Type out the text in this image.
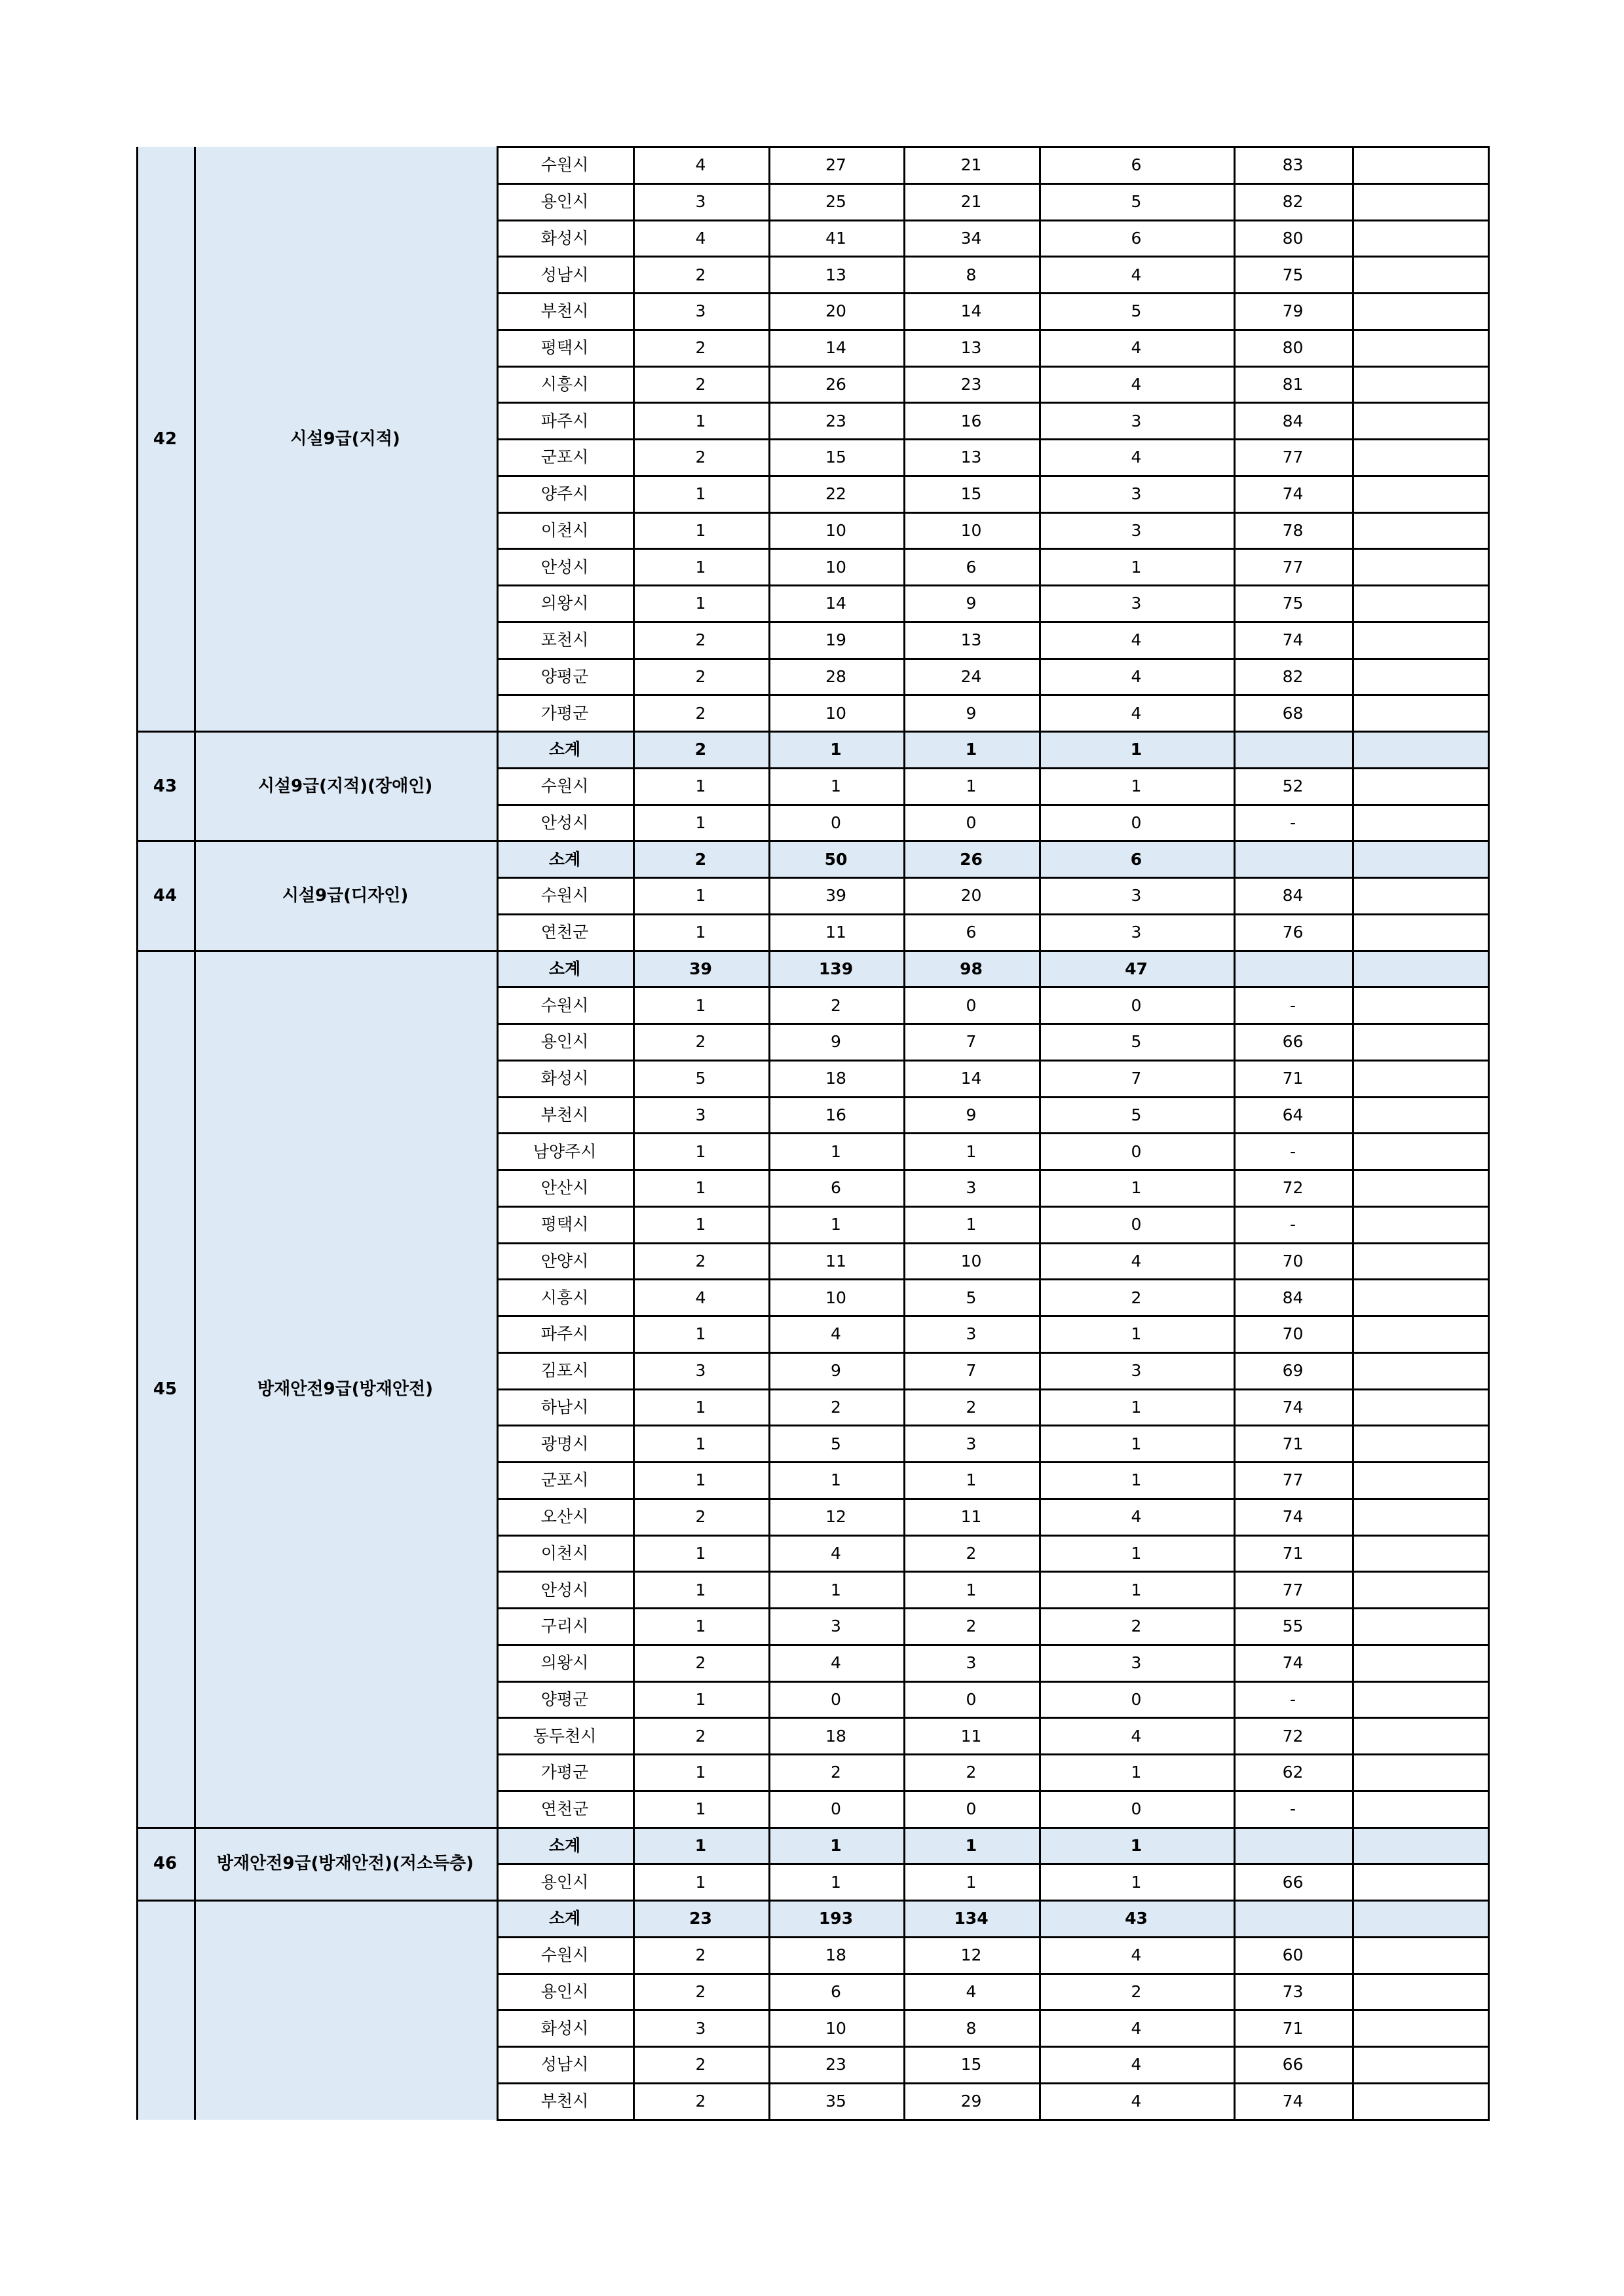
42	시설9급(지적)
수원시	4	27	21	6	83
용인시	3	25	21	5	82
화성시	4	41	34	6	80
성남시	2	13	8	4	75
부천시	3	20	14	5	79
평택시	2	14	13	4	80
시흥시	2	26	23	4	81
파주시	1	23	16	3	84
군포시	2	15	13	4	77
양주시	1	22	15	3	74
이천시	1	10	10	3	78
안성시	1	10	6	1	77
의왕시	1	14	9	3	75
포천시	2	19	13	4	74
양평군	2	28	24	4	82
가평군	2	10	9	4	68
43	시설9급(지적)(장애인)
소계	2	1	1	1
수원시	1	1	1	1	52
안성시	1	0	0	0	-
44	시설9급(디자인)
소계	2	50	26	6
수원시	1	39	20	3	84
연천군	1	11	6	3	76
45	방재안전9급(방재안전)
소계	39	139	98	47
수원시	1	2	0	0	-
용인시	2	9	7	5	66
화성시	5	18	14	7	71
부천시	3	16	9	5	64
남양주시	1	1	1	0	-
안산시	1	6	3	1	72
평택시	1	1	1	0	-
안양시	2	11	10	4	70
시흥시	4	10	5	2	84
파주시	1	4	3	1	70
김포시	3	9	7	3	69
하남시	1	2	2	1	74
광명시	1	5	3	1	71
군포시	1	1	1	1	77
오산시	2	12	11	4	74
이천시	1	4	2	1	71
안성시	1	1	1	1	77
구리시	1	3	2	2	55
의왕시	2	4	3	3	74
양평군	1	0	0	0	-
동두천시	2	18	11	4	72
가평군	1	2	2	1	62
연천군	1	0	0	0	-
46	방재안전9급(방재안전)(저소득층)
소계	1	1	1	1
용인시	1	1	1	1	66
소계	23	193	134	43
수원시	2	18	12	4	60
용인시	2	6	4	2	73
화성시	3	10	8	4	71
성남시	2	23	15	4	66
부천시	2	35	29	4	74
